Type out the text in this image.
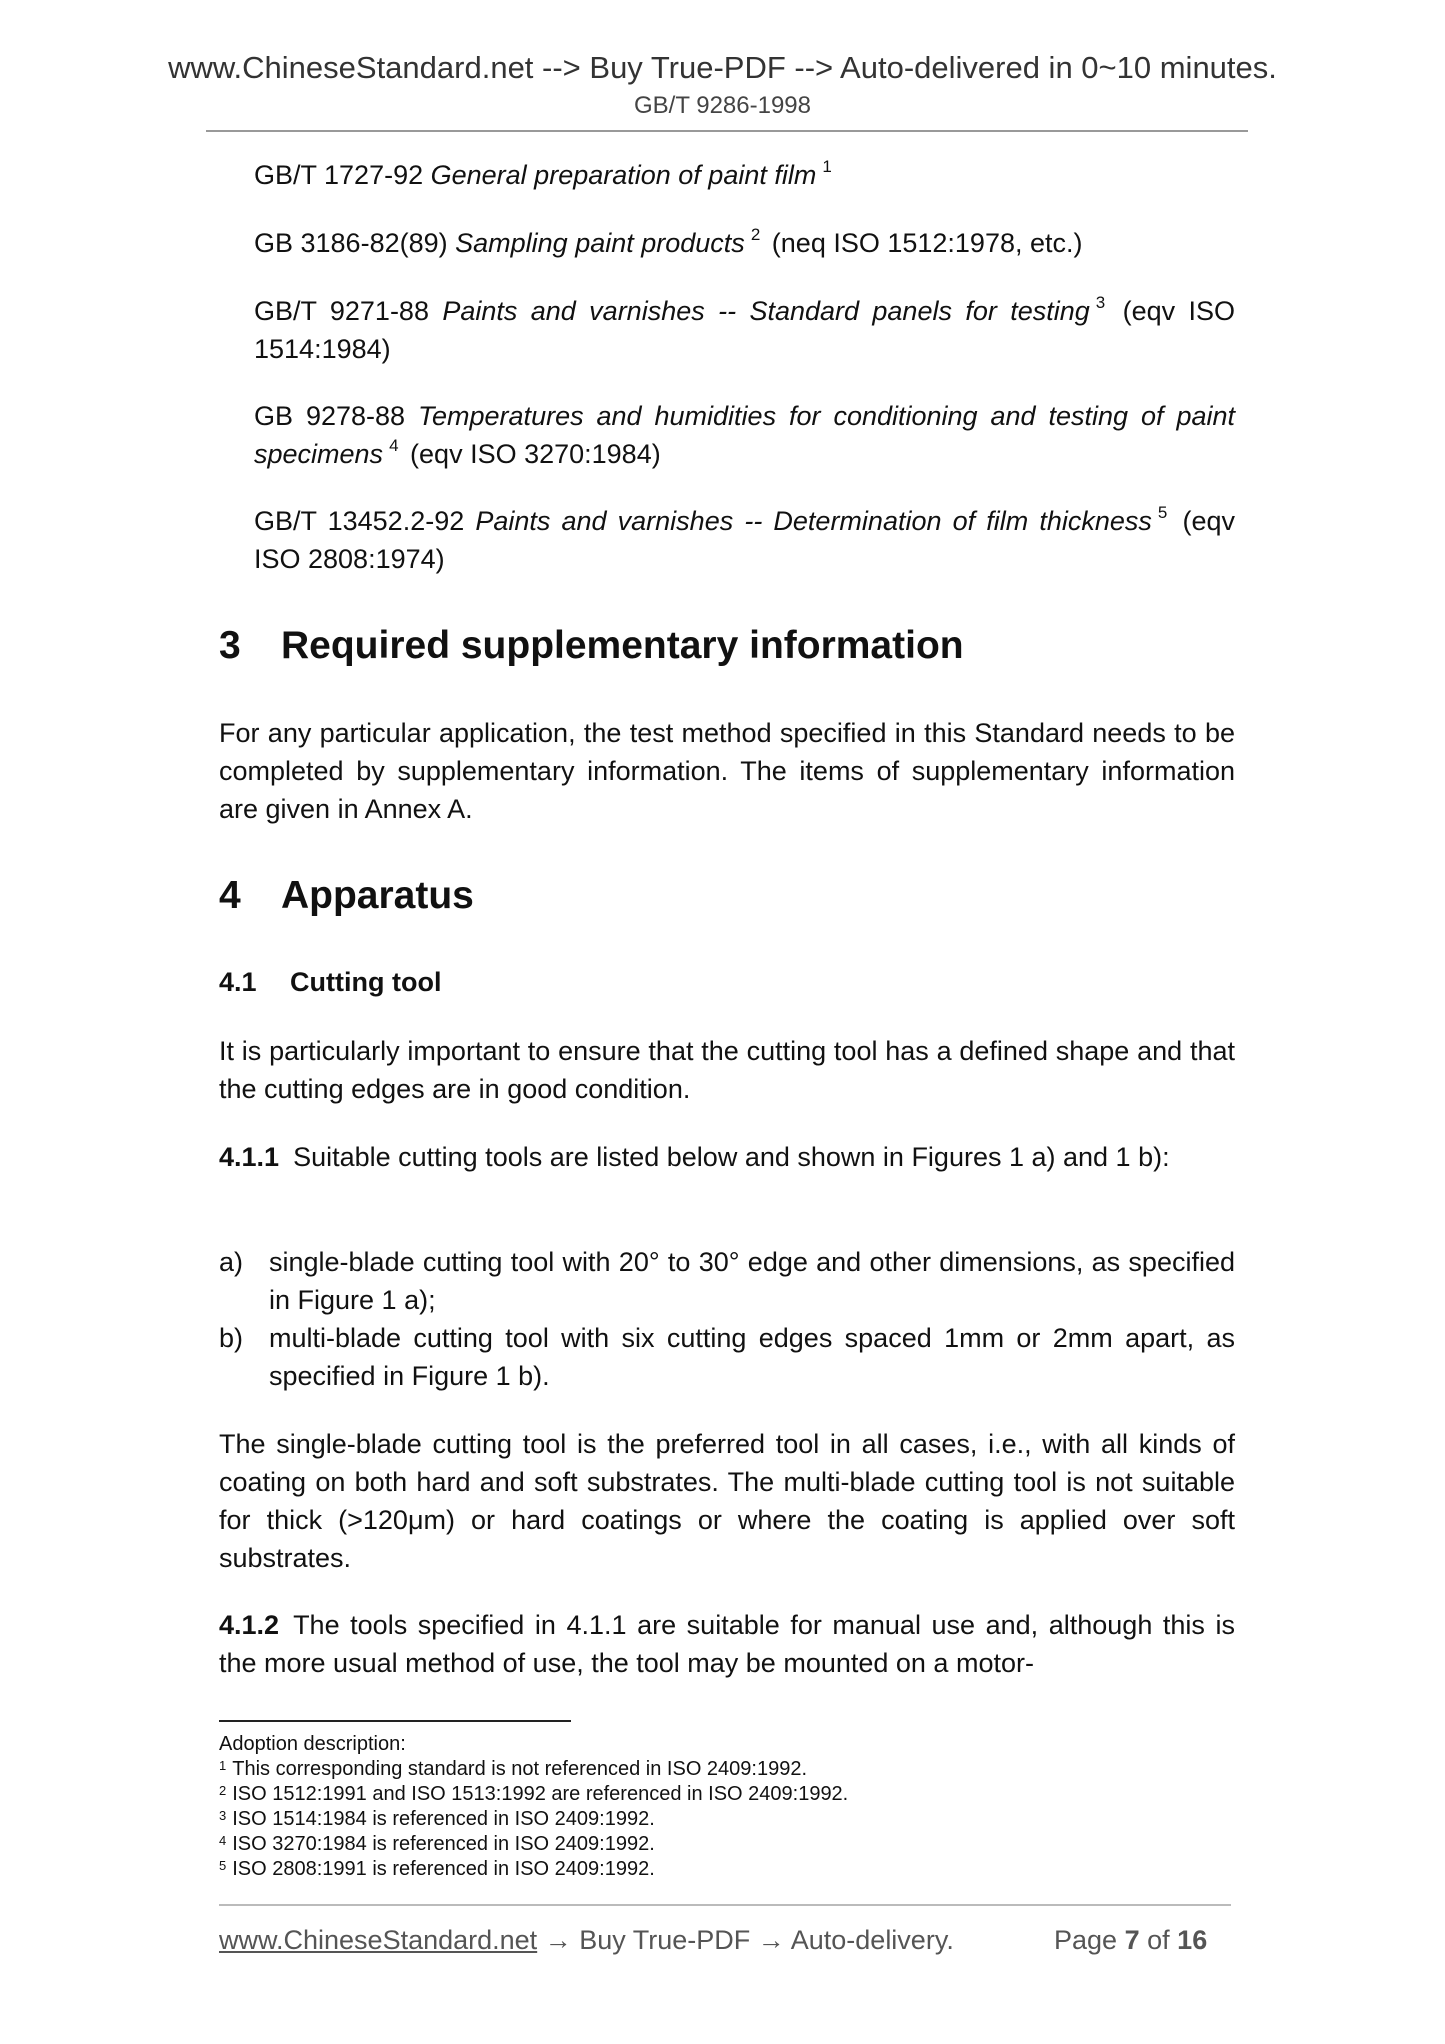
www.ChineseStandard.net --> Buy True-PDF --> Auto-delivered in 0~10 minutes.
GB/T 9286-1998
GB/T 1727-92 General preparation of paint film $^1$
GB 3186-82(89) Sampling paint products $^2$ (neq ISO 1512:1978, etc.)
GB/T 9271-88 Paints and varnishes -- Standard panels for testing $^3$ (eqv ISO 1514:1984)
GB 9278-88 Temperatures and humidities for conditioning and testing of paint specimens $^4$ (eqv ISO 3270:1984)
GB/T 13452.2-92 Paints and varnishes -- Determination of film thickness $^5$ (eqv ISO 2808:1974)
3 Required supplementary information
For any particular application, the test method specified in this Standard needs to be completed by supplementary information. The items of supplementary information are given in Annex A.
4 Apparatus
4.1 Cutting tool
It is particularly important to ensure that the cutting tool has a defined shape and that the cutting edges are in good condition.
4.1.1 Suitable cutting tools are listed below and shown in Figures 1 a) and 1 b):
a) single-blade cutting tool with 20° to 30° edge and other dimensions, as specified in Figure 1 a);
b) multi-blade cutting tool with six cutting edges spaced 1mm or 2mm apart, as specified in Figure 1 b).
The single-blade cutting tool is the preferred tool in all cases, i.e., with all kinds of coating on both hard and soft substrates. The multi-blade cutting tool is not suitable for thick (>120μm) or hard coatings or where the coating is applied over soft substrates.
4.1.2 The tools specified in 4.1.1 are suitable for manual use and, although this is the more usual method of use, the tool may be mounted on a motor-
Adoption description:
$^1$ This corresponding standard is not referenced in ISO 2409:1992.
$^2$ ISO 1512:1991 and ISO 1513:1992 are referenced in ISO 2409:1992.
$^3$ ISO 1514:1984 is referenced in ISO 2409:1992.
$^4$ ISO 3270:1984 is referenced in ISO 2409:1992.
$^5$ ISO 2808:1991 is referenced in ISO 2409:1992.
www.ChineseStandard.net → Buy True-PDF → Auto-delivery.	Page 7 of 16
